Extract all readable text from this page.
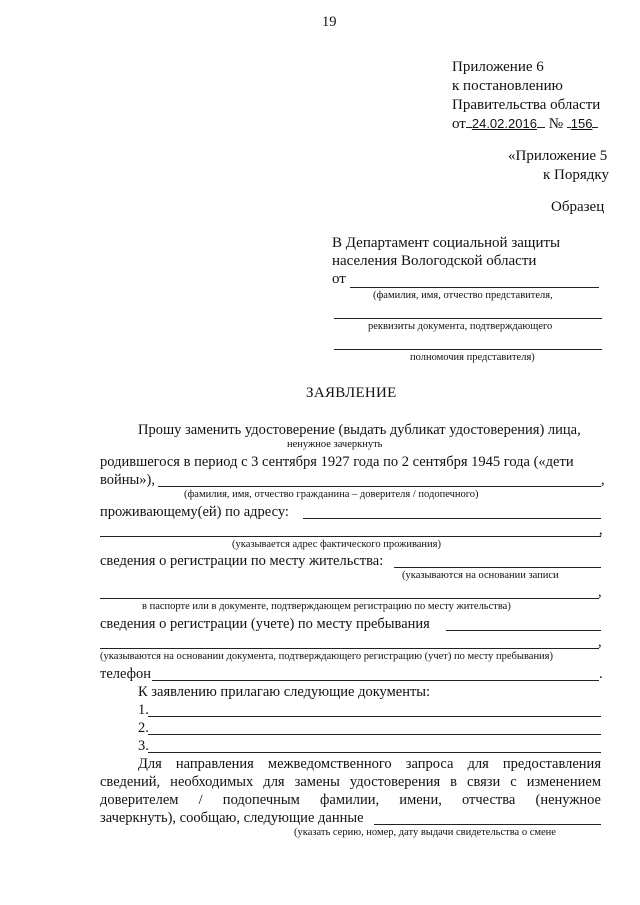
19
Приложение 6
к постановлению
Правительства области
от 24.02.2016 № 156
«Приложение 5
к Порядку
Образец
В Департамент социальной защиты
населения Вологодской области
от
(фамилия, имя, отчество представителя,
реквизиты документа, подтверждающего
полномочия представителя)
ЗАЯВЛЕНИЕ
Прошу заменить удостоверение (выдать дубликат удостоверения) лица,
ненужное зачеркнуть
родившегося в период с 3 сентября 1927 года по 2 сентября 1945 года («дети
войны»),	,
(фамилия, имя, отчество гражданина – доверителя / подопечного)
проживающему(ей) по адресу:
,
(указывается адрес фактического проживания)
сведения о регистрации по месту жительства:
(указываются на основании записи
,
в паспорте или в документе, подтверждающем регистрацию по месту жительства)
сведения о регистрации (учете) по месту пребывания
,
(указываются на основании документа, подтверждающего регистрацию (учет) по месту пребывания)
телефон	.
К заявлению прилагаю следующие документы:
1.
2.
3.
Для направления межведомственного запроса для предоставления
сведений, необходимых для замены удостоверения в связи с изменением
доверителем / подопечным фамилии, имени, отчества (ненужное
зачеркнуть), сообщаю, следующие данные
(указать серию, номер, дату выдачи свидетельства о смене
